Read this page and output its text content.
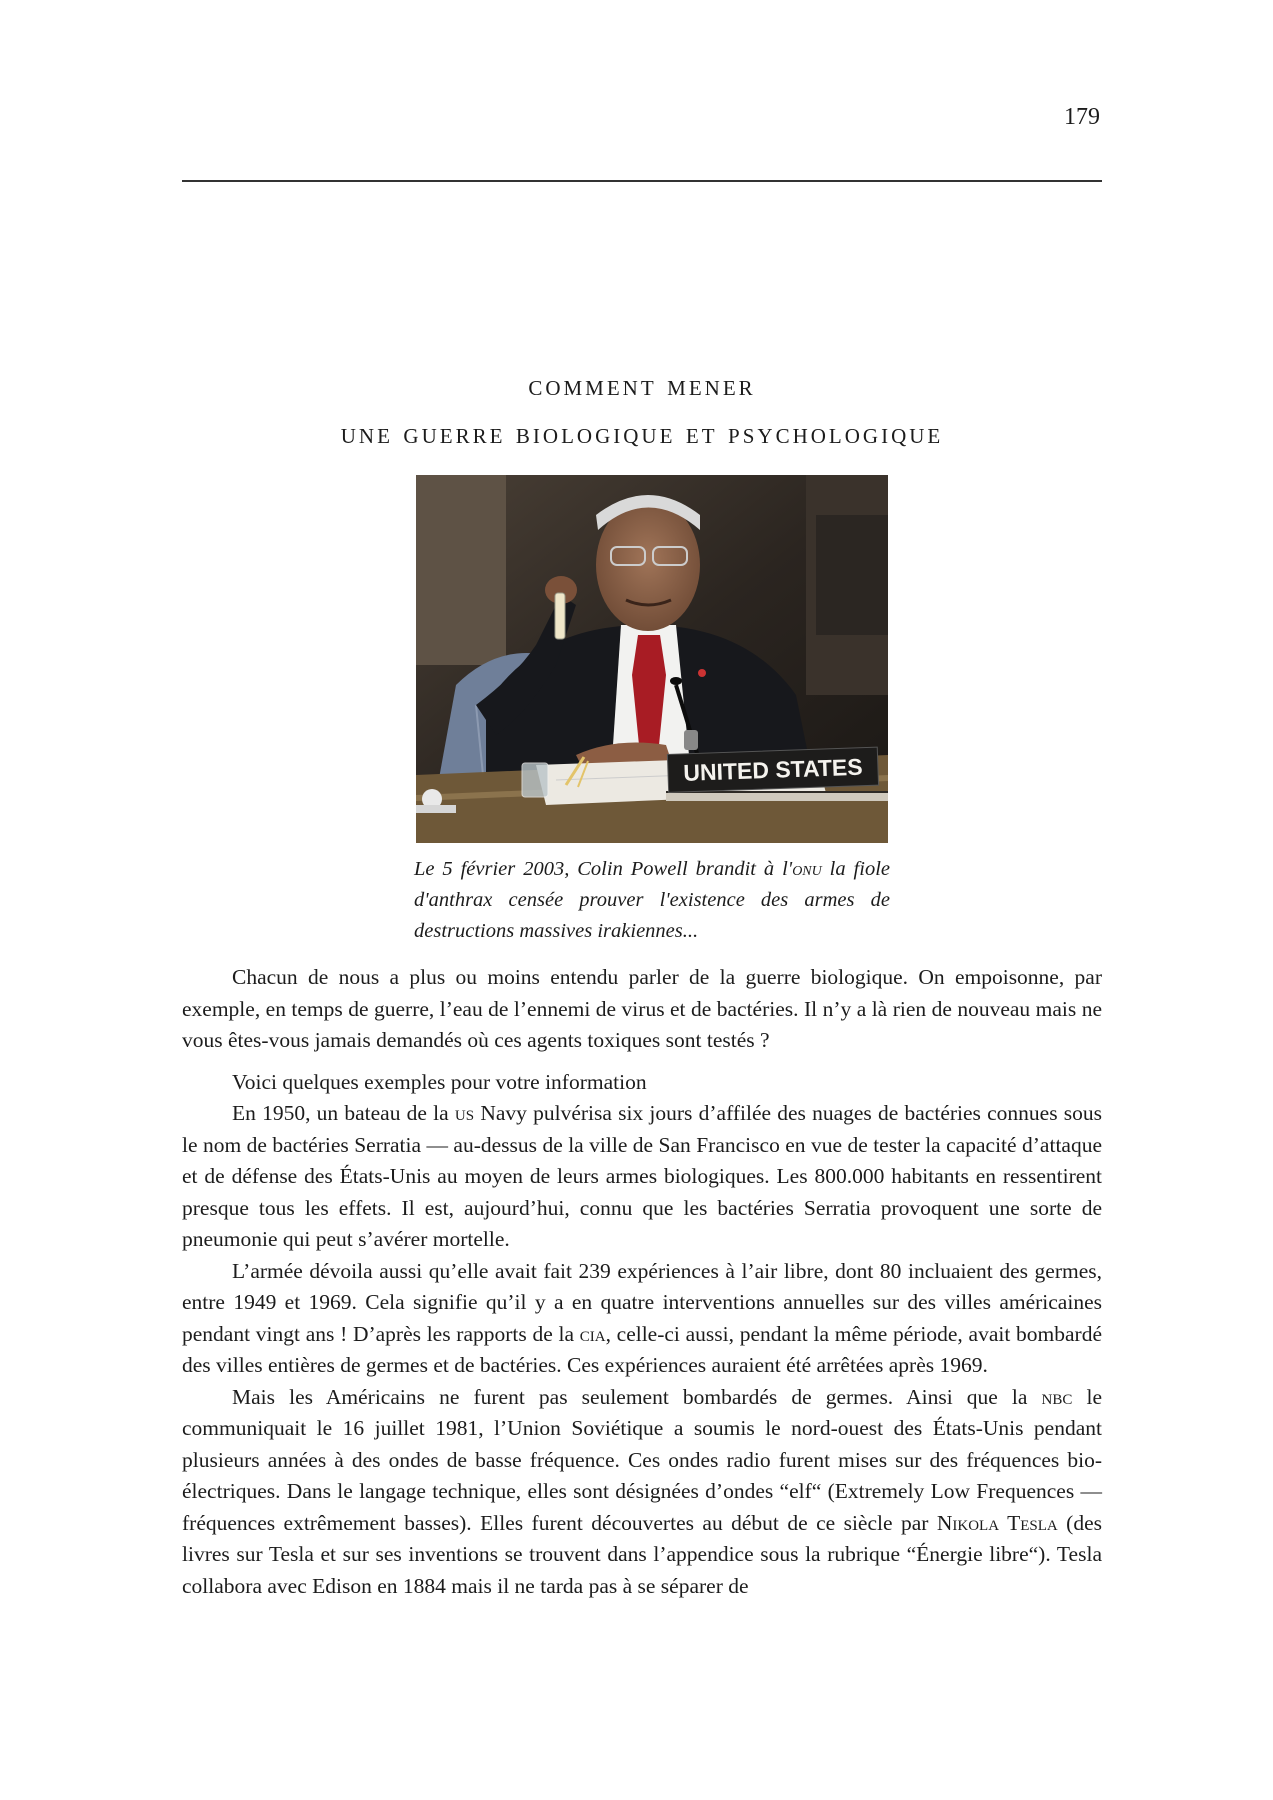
179
comment mener
une guerre biologique et psychologique
UNITED STATES
Le 5 février 2003, Colin Powell brandit à l'onu la fiole d'anthrax censée prouver l'existence des armes de destructions massives irakiennes...

Chacun de nous a plus ou moins entendu parler de la guerre biologique. On empoisonne, par exemple, en temps de guerre, l’eau de l’ennemi de virus et de bactéries. Il n’y a là rien de nouveau mais ne vous êtes-vous jamais demandés où ces agents toxiques sont testés ?

Voici quelques exemples pour votre information

En 1950, un bateau de la us Navy pulvérisa six jours d’affilée des nuages de bactéries connues sous le nom de bactéries Serratia — au-dessus de la ville de San Francisco en vue de tester la capacité d’attaque et de défense des États-Unis au moyen de leurs armes biologiques. Les 800.000 habitants en ressentirent presque tous les effets. Il est, aujourd’hui, connu que les bactéries Serratia provoquent une sorte de pneumonie qui peut s’avérer mortelle.

L’armée dévoila aussi qu’elle avait fait 239 expériences à l’air libre, dont 80 incluaient des germes, entre 1949 et 1969. Cela signifie qu’il y a en quatre interventions annuelles sur des villes américaines pendant vingt ans ! D’après les rapports de la cia, celle-ci aussi, pendant la même période, avait bombardé des villes entières de germes et de bactéries. Ces expériences auraient été arrêtées après 1969.

Mais les Américains ne furent pas seulement bombardés de germes. Ainsi que la nbc le communiquait le 16 juillet 1981, l’Union Soviétique a soumis le nord-ouest des États-Unis pendant plusieurs années à des ondes de basse fréquence. Ces ondes radio furent mises sur des fréquences bio-électriques. Dans le langage technique, elles sont désignées d’ondes “elf“ (Extremely Low Frequences — fréquences extrêmement basses). Elles furent découvertes au début de ce siècle par Nikola Tesla (des livres sur Tesla et sur ses inventions se trouvent dans l’appendice sous la rubrique “Énergie libre“). Tesla collabora avec Edison en 1884 mais il ne tarda pas à se séparer de
